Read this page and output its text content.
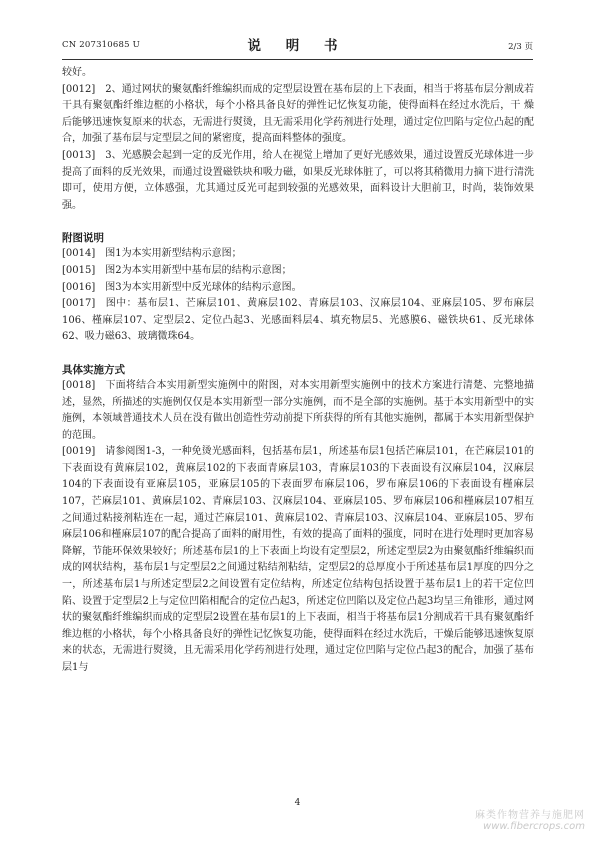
CN 207310685 U	说 明 书	2/3 页

较好。

[0012] 2、通过网状的聚氨酯纤维编织而成的定型层设置在基布层的上下表面，相当于将基布层分割成若干具有聚氨酯纤维边框的小格状，每个小格具备良好的弹性记忆恢复功能，使得面料在经过水洗后，干 燥后能够迅速恢复原来的状态，无需进行熨烫，且无需采用化学药剂进行处理，通过定位凹陷与定位凸起的配合，加强了基布层与定型层之间的紧密度，提高面料整体的强度。

[0013] 3、光感膜会起到一定的反光作用，给人在视觉上增加了更好光感效果，通过设置反光球体进一步提高了面料的反光效果，而通过设置磁铁块和吸力磁，如果反光球体脏了，可以将其稍微用力摘下进行清洗即可，使用方便，立体感强，尤其通过反光可起到较强的光感效果，面料设计大胆前卫，时尚，装饰效果强。

附图说明

[0014] 图1为本实用新型结构示意图；

[0015] 图2为本实用新型中基布层的结构示意图；

[0016] 图3为本实用新型中反光球体的结构示意图。

[0017] 图中：基布层1、芒麻层101、黄麻层102、青麻层103、汉麻层104、亚麻层105、罗布麻层106、槿麻层107、定型层2、定位凸起3、光感面料层4、填充物层5、光感膜6、磁铁块61、反光球体62、吸力磁63、玻璃微珠64。

具体实施方式

[0018] 下面将结合本实用新型实施例中的附图，对本实用新型实施例中的技术方案进行清楚、完整地描述，显然，所描述的实施例仅仅是本实用新型一部分实施例，而不是全部的实施例。基于本实用新型中的实施例，本领域普通技术人员在没有做出创造性劳动前提下所获得的所有其他实施例，都属于本实用新型保护的范围。

[0019] 请参阅图1-3，一种免烫光感面料，包括基布层1，所述基布层1包括芒麻层101，在芒麻层101的下表面设有黄麻层102，黄麻层102的下表面青麻层103，青麻层103的下表面设有汉麻层104，汉麻层104的下表面设有亚麻层105，亚麻层105的下表面罗布麻层106，罗布麻层106的下表面设有槿麻层107，芒麻层101、黄麻层102、青麻层103、汉麻层104、亚麻层105、罗布麻层106和槿麻层107相互之间通过粘接剂粘连在一起，通过芒麻层101、黄麻层102、青麻层103、汉麻层104、亚麻层105、罗布麻层106和槿麻层107的配合提高了面料的耐用性，有效的提高了面料的强度，同时在进行处理时更加容易降解，节能环保效果较好；所述基布层1的上下表面上均设有定型层2，所述定型层2为由聚氨酯纤维编织而成的网状结构，基布层1与定型层2之间通过粘结剂粘结，定型层2的总厚度小于所述基布层1厚度的四分之一，所述基布层1与所述定型层2之间设置有定位结构，所述定位结构包括设置于基布层1上的若干定位凹陷、设置于定型层2上与定位凹陷相配合的定位凸起3，所述定位凹陷以及定位凸起3均呈三角锥形，通过网状的聚氨酯纤维编织而成的定型层2设置在基布层1的上下表面，相当于将基布层1分割成若干具有聚氨酯纤维边框的小格状，每个小格具备良好的弹性记忆恢复功能，使得面料在经过水洗后，干燥后能够迅速恢复原来的状态，无需进行熨烫，且无需采用化学药剂进行处理，通过定位凹陷与定位凸起3的配合，加强了基布层1与

4
麻类作物营养与施肥网
www.fibercrops.com
